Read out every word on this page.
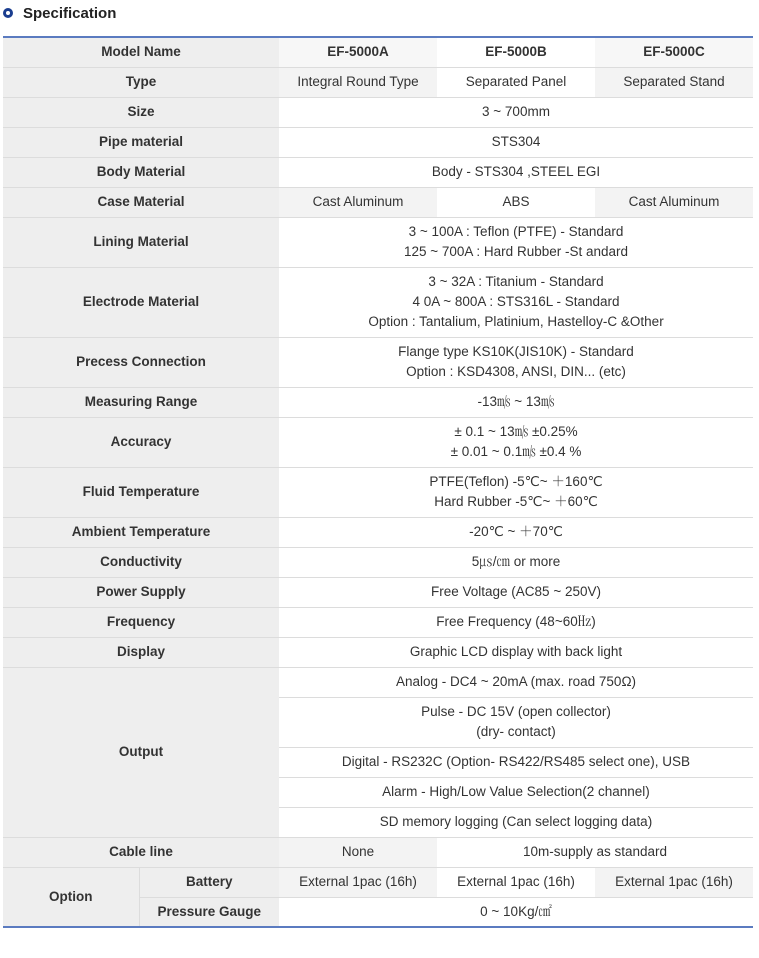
Specification
Model Name		EF-5000A	EF-5000B	EF-5000C
Type		Integral Round Type	Separated Panel	Separated Stand
Size		3 ~ 700mm		
Pipe material		STS304		
Body Material		Body - STS304 ,STEEL EGI		
Case Material		Cast Aluminum	ABS	Cast Aluminum
Lining Material		3 ~ 100A : Teflon (PTFE) - Standard
125 ~ 700A : Hard Rubber -St andard		

Electrode Material		3 ~ 32A : Titanium - Standard
4 0A ~ 800A : STS316L - Standard
Option : Tantalium, Platinium, Hastelloy-C &Other		

Precess Connection		Flange type KS10K(JIS10K) - Standard
Option : KSD4308, ANSI, DIN... (etc)		

Measuring Range		-13㎧ ~ 13㎧		
Accuracy		± 0.1 ~ 13㎧ ±0.25%
± 0.01 ~ 0.1㎧ ±0.4 %		

Fluid Temperature		PTFE(Teflon) -5℃~ ＋160℃
Hard Rubber -5℃~ ＋60℃		

Ambient Temperature		-20℃ ~ ＋70℃		
Conductivity		5㎲/㎝ or more		
Power Supply		Free Voltage (AC85 ~ 250V)		
Frequency		Free Frequency (48~60㎐)		
Display		Graphic LCD display with back light		
Output		Analog - DC4 ~ 20mA (max. road 750Ω)		

		Pulse - DC 15V (open collector)
(dry- contact)		

		Digital - RS232C (Option- RS422/RS485 select one), USB		
		Alarm - High/Low Value Selection(2 channel)		
		SD memory logging (Can select logging data)		
Cable line		None	10m-supply as standard	
Option	Battery	External 1pac (16h)	External 1pac (16h)	External 1pac (16h)
	Pressure Gauge	0 ~ 10Kg/㎠		
